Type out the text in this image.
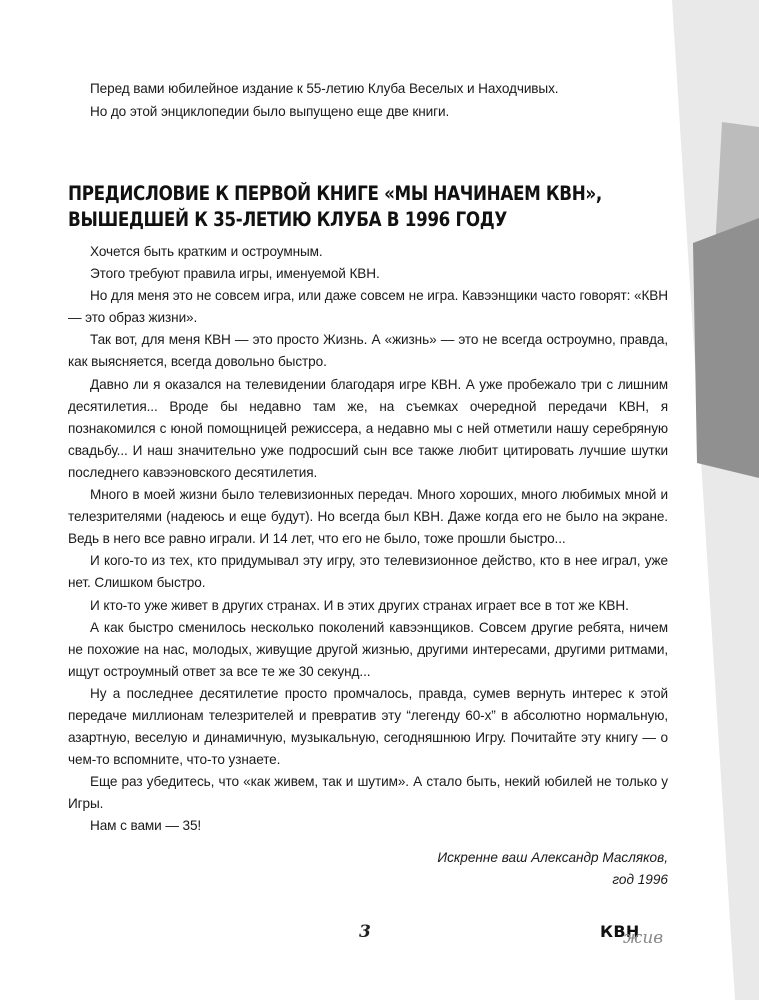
Перед вами юбилейное издание к 55-летию Клуба Веселых и Находчивых.

Но до этой энциклопедии было выпущено еще две книги.

ПРЕДИСЛОВИЕ К ПЕРВОЙ КНИГЕ «МЫ НАЧИНАЕМ КВН»,
ВЫШЕДШЕЙ К 35-ЛЕТИЮ КЛУБА В 1996 ГОДУ

Хочется быть кратким и остроумным.

Этого требуют правила игры, именуемой КВН.

Но для меня это не совсем игра, или даже совсем не игра. Кавээнщики часто говорят: «КВН — это образ жизни».

Так вот, для меня КВН — это просто Жизнь. А «жизнь» — это не всегда остроумно, правда, как выясняется, всегда довольно быстро.

Давно ли я оказался на телевидении благодаря игре КВН. А уже пробежало три с лишним десятилетия... Вроде бы недавно там же, на съемках очередной передачи КВН, я познакомился с юной помощницей режиссера, а недавно мы с ней отметили нашу серебряную свадьбу... И наш значительно уже подросший сын все также любит цитировать лучшие шутки последнего кавээновского десятилетия.

Много в моей жизни было телевизионных передач. Много хороших, много любимых мной и телезрителями (надеюсь и еще будут). Но всегда был КВН. Даже когда его не было на экране. Ведь в него все равно играли. И 14 лет, что его не было, тоже прошли быстро...

И кого-то из тех, кто придумывал эту игру, это телевизионное действо, кто в нее играл, уже нет. Слишком быстро.

И кто-то уже живет в других странах. И в этих других странах играет все в тот же КВН.

А как быстро сменилось несколько поколений кавээнщиков. Совсем другие ребята, ничем не похожие на нас, молодых, живущие другой жизнью, другими интересами, другими ритмами, ищут остроумный ответ за все те же 30 секунд...

Ну а последнее десятилетие просто промчалось, правда, сумев вернуть интерес к этой передаче миллионам телезрителей и превратив эту “легенду 60-х” в абсолютно нормальную, азартную, веселую и динамичную, музыкальную, сегодняшнюю Игру. Почитайте эту книгу — о чем-то вспомните, что-то узнаете.

Еще раз убедитесь, что «как живем, так и шутим». А стало быть, некий юбилей не только у Игры.

Нам с вами — 35!

Искренне ваш Александр Масляков,
год 1996
3	КВН
жив
